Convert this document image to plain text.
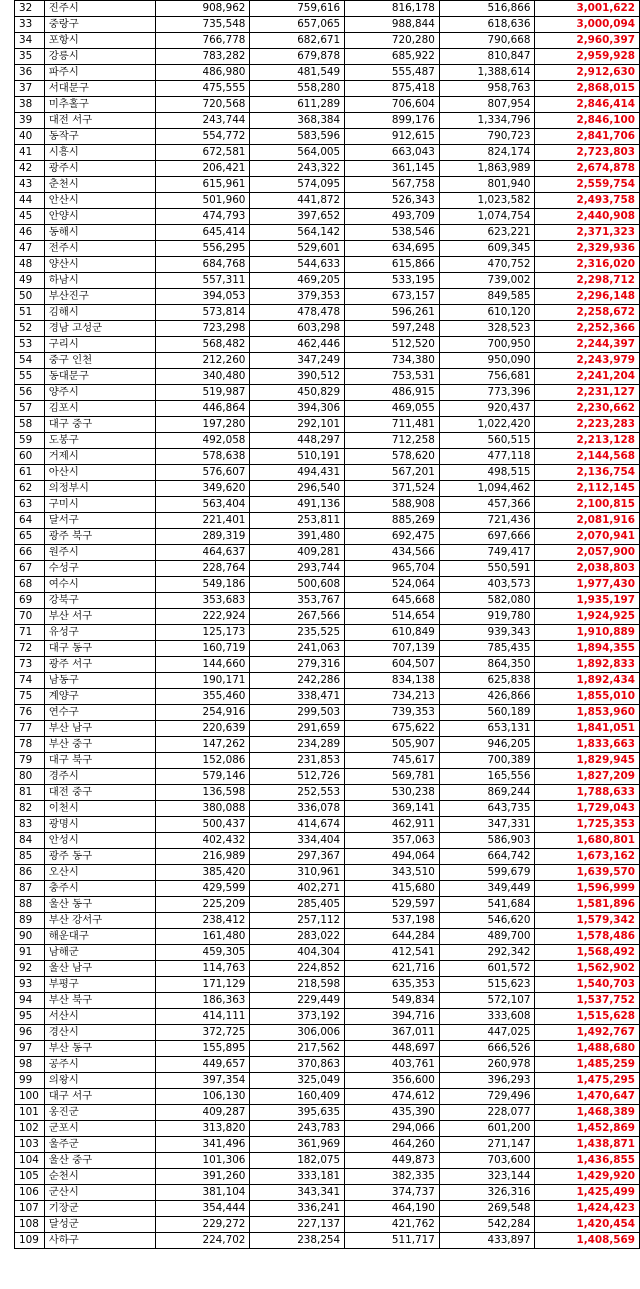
32	진주시	908,962	759,616	816,178	516,866	3,001,622
33	중랑구	735,548	657,065	988,844	618,636	3,000,094
34	포항시	766,778	682,671	720,280	790,668	2,960,397
35	강릉시	783,282	679,878	685,922	810,847	2,959,928
36	파주시	486,980	481,549	555,487	1,388,614	2,912,630
37	서대문구	475,555	558,280	875,418	958,763	2,868,015
38	미추홀구	720,568	611,289	706,604	807,954	2,846,414
39	대전 서구	243,744	368,384	899,176	1,334,796	2,846,100
40	동작구	554,772	583,596	912,615	790,723	2,841,706
41	시흥시	672,581	564,005	663,043	824,174	2,723,803
42	광주시	206,421	243,322	361,145	1,863,989	2,674,878
43	춘천시	615,961	574,095	567,758	801,940	2,559,754
44	안산시	501,960	441,872	526,343	1,023,582	2,493,758
45	안양시	474,793	397,652	493,709	1,074,754	2,440,908
46	동해시	645,414	564,142	538,546	623,221	2,371,323
47	전주시	556,295	529,601	634,695	609,345	2,329,936
48	양산시	684,768	544,633	615,866	470,752	2,316,020
49	하남시	557,311	469,205	533,195	739,002	2,298,712
50	부산진구	394,053	379,353	673,157	849,585	2,296,148
51	김해시	573,814	478,478	596,261	610,120	2,258,672
52	경남 고성군	723,298	603,298	597,248	328,523	2,252,366
53	구리시	568,482	462,446	512,520	700,950	2,244,397
54	중구 인천	212,260	347,249	734,380	950,090	2,243,979
55	동대문구	340,480	390,512	753,531	756,681	2,241,204
56	양주시	519,987	450,829	486,915	773,396	2,231,127
57	김포시	446,864	394,306	469,055	920,437	2,230,662
58	대구 중구	197,280	292,101	711,481	1,022,420	2,223,283
59	도봉구	492,058	448,297	712,258	560,515	2,213,128
60	거제시	578,638	510,191	578,620	477,118	2,144,568
61	아산시	576,607	494,431	567,201	498,515	2,136,754
62	의정부시	349,620	296,540	371,524	1,094,462	2,112,145
63	구미시	563,404	491,136	588,908	457,366	2,100,815
64	달서구	221,401	253,811	885,269	721,436	2,081,916
65	광주 북구	289,319	391,480	692,475	697,666	2,070,941
66	원주시	464,637	409,281	434,566	749,417	2,057,900
67	수성구	228,764	293,744	965,704	550,591	2,038,803
68	여수시	549,186	500,608	524,064	403,573	1,977,430
69	강북구	353,683	353,767	645,668	582,080	1,935,197
70	부산 서구	222,924	267,566	514,654	919,780	1,924,925
71	유성구	125,173	235,525	610,849	939,343	1,910,889
72	대구 동구	160,719	241,063	707,139	785,435	1,894,355
73	광주 서구	144,660	279,316	604,507	864,350	1,892,833
74	남동구	190,171	242,286	834,138	625,838	1,892,434
75	계양구	355,460	338,471	734,213	426,866	1,855,010
76	연수구	254,916	299,503	739,353	560,189	1,853,960
77	부산 남구	220,639	291,659	675,622	653,131	1,841,051
78	부산 중구	147,262	234,289	505,907	946,205	1,833,663
79	대구 북구	152,086	231,853	745,617	700,389	1,829,945
80	경주시	579,146	512,726	569,781	165,556	1,827,209
81	대전 중구	136,598	252,553	530,238	869,244	1,788,633
82	이천시	380,088	336,078	369,141	643,735	1,729,043
83	광명시	500,437	414,674	462,911	347,331	1,725,353
84	안성시	402,432	334,404	357,063	586,903	1,680,801
85	광주 동구	216,989	297,367	494,064	664,742	1,673,162
86	오산시	385,420	310,961	343,510	599,679	1,639,570
87	충주시	429,599	402,271	415,680	349,449	1,596,999
88	울산 동구	225,209	285,405	529,597	541,684	1,581,896
89	부산 강서구	238,412	257,112	537,198	546,620	1,579,342
90	해운대구	161,480	283,022	644,284	489,700	1,578,486
91	남해군	459,305	404,304	412,541	292,342	1,568,492
92	울산 남구	114,763	224,852	621,716	601,572	1,562,902
93	부평구	171,129	218,598	635,353	515,623	1,540,703
94	부산 북구	186,363	229,449	549,834	572,107	1,537,752
95	서산시	414,111	373,192	394,716	333,608	1,515,628
96	경산시	372,725	306,006	367,011	447,025	1,492,767
97	부산 동구	155,895	217,562	448,697	666,526	1,488,680
98	공주시	449,657	370,863	403,761	260,978	1,485,259
99	의왕시	397,354	325,049	356,600	396,293	1,475,295
100	대구 서구	106,130	160,409	474,612	729,496	1,470,647
101	옹진군	409,287	395,635	435,390	228,077	1,468,389
102	군포시	313,820	243,783	294,066	601,200	1,452,869
103	울주군	341,496	361,969	464,260	271,147	1,438,871
104	울산 중구	101,306	182,075	449,873	703,600	1,436,855
105	순천시	391,260	333,181	382,335	323,144	1,429,920
106	군산시	381,104	343,341	374,737	326,316	1,425,499
107	기장군	354,444	336,241	464,190	269,548	1,424,423
108	달성군	229,272	227,137	421,762	542,284	1,420,454
109	사하구	224,702	238,254	511,717	433,897	1,408,569
